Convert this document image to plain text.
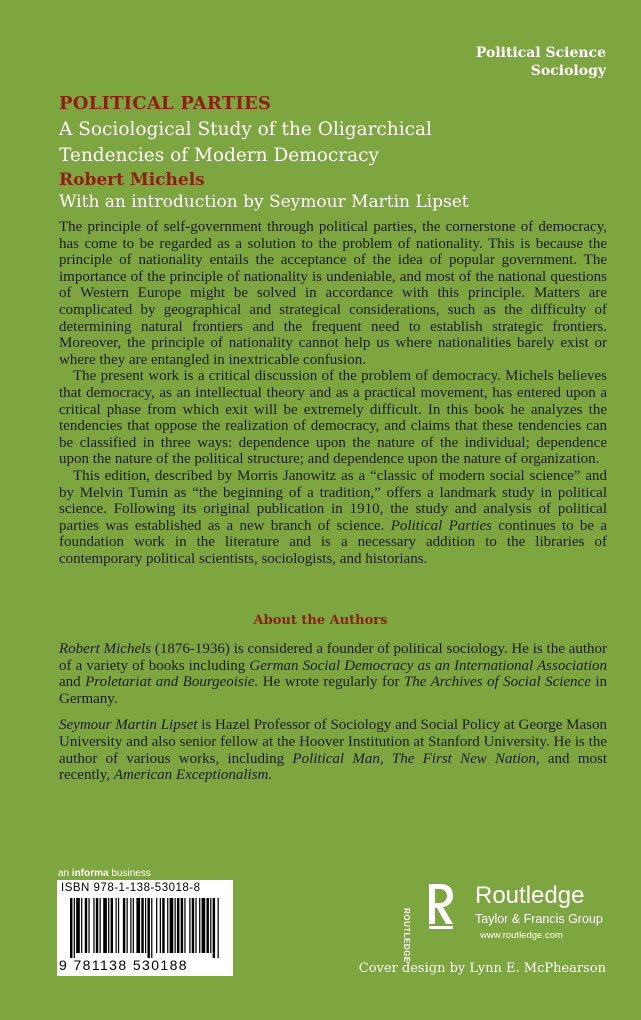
Political Science
Sociology
POLITICAL PARTIES
A Sociological Study of the Oligarchical
Tendencies of Modern Democracy
Robert Michels
With an introduction by Seymour Martin Lipset

The principle of self-government through political parties, the cornerstone of democracy, has come to be regarded as a solution to the problem of nationality. This is because the principle of nationality entails the acceptance of the idea of popular government. The importance of the principle of nationality is undeniable, and most of the national questions of Western Europe might be solved in accordance with this principle. Matters are complicated by geographical and strategical considerations, such as the difficulty of determining natural frontiers and the frequent need to establish strategic frontiers. Moreover, the principle of nationality cannot help us where nationalities barely exist or where they are entangled in inextricable confusion.

The present work is a critical discussion of the problem of democracy. Michels believes that democracy, as an intellectual theory and as a practical movement, has entered upon a critical phase from which exit will be extremely difficult. In this book he analyzes the tendencies that oppose the realization of democracy, and claims that these tendencies can be classified in three ways: dependence upon the nature of the individual; dependence upon the nature of the political structure; and dependence upon the nature of organization.

This edition, described by Morris Janowitz as a “classic of modern social science” and by Melvin Tumin as “the beginning of a tradition,” offers a landmark study in political science. Following its original publication in 1910, the study and analysis of political parties was established as a new branch of science. Political Parties continues to be a foundation work in the literature and is a necessary addition to the libraries of contemporary political scientists, sociologists, and historians.

About the Authors

Robert Michels (1876-1936) is considered a founder of political sociology. He is the author of a variety of books including German Social Democracy as an International Association and Proletariat and Bourgeoisie. He wrote regularly for The Archives of Social Science in Germany.

Seymour Martin Lipset is Hazel Professor of Sociology and Social Policy at George Mason University and also senior fellow at the Hoover Institution at Stanford University. He is the author of various works, including Political Man, The First New Nation, and most recently, American Exceptionalism.

an informa business
ISBN 978-1-138-53018-8
9 781138 530188
ROUTLEDGE
Routledge
Taylor & Francis Group
www.routledge.com
Cover design by Lynn E. McPhearson
